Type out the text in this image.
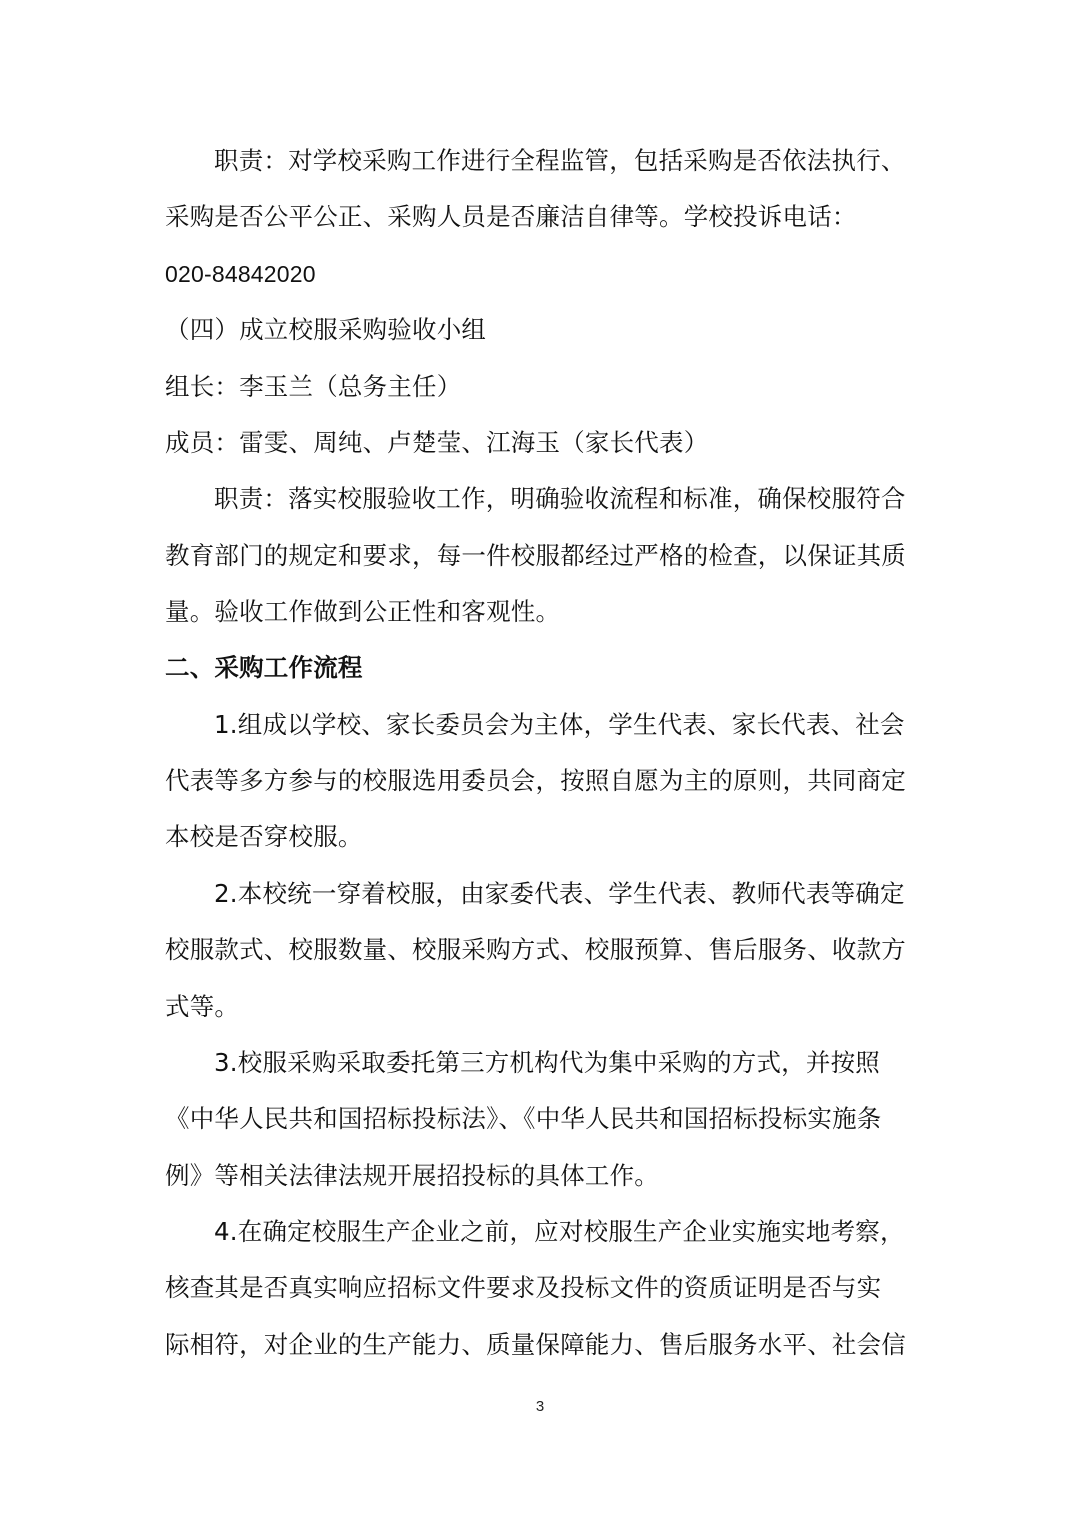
职责：对学校采购工作进行全程监管，包括采购是否依法执行、
采购是否公平公正、采购人员是否廉洁自律等。学校投诉电话：
020-84842020
（四）成立校服采购验收小组
组长：李玉兰（总务主任）
成员：雷雯、周纯、卢楚莹、江海玉（家长代表）
职责：落实校服验收工作，明确验收流程和标准，确保校服符合
教育部门的规定和要求，每一件校服都经过严格的检查，以保证其质
量。验收工作做到公正性和客观性。
二、采购工作流程
1.组成以学校、家长委员会为主体，学生代表、家长代表、社会
代表等多方参与的校服选用委员会，按照自愿为主的原则，共同商定
本校是否穿校服。
2.本校统一穿着校服，由家委代表、学生代表、教师代表等确定
校服款式、校服数量、校服采购方式、校服预算、售后服务、收款方
式等。
3.校服采购采取委托第三方机构代为集中采购的方式，并按照
《中华人民共和国招标投标法》、《中华人民共和国招标投标实施条
例》等相关法律法规开展招投标的具体工作。
4.在确定校服生产企业之前，应对校服生产企业实施实地考察，
核查其是否真实响应招标文件要求及投标文件的资质证明是否与实
际相符，对企业的生产能力、质量保障能力、售后服务水平、社会信
3
